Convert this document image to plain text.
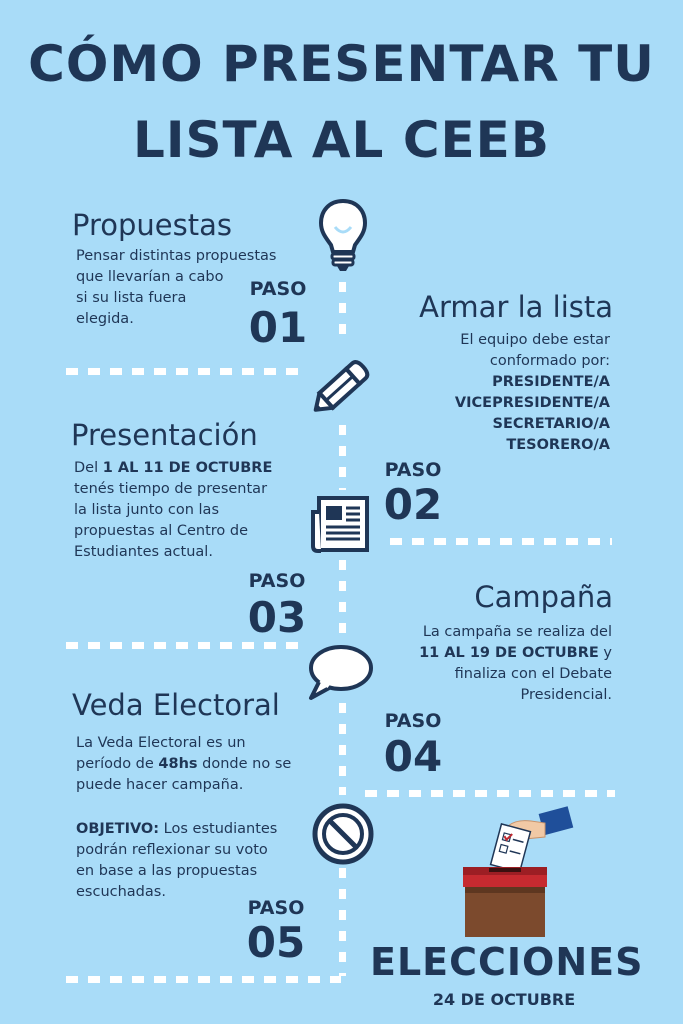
CÓMO PRESENTAR TU
LISTA AL CEEB
Propuestas
Pensar distintas propuestas
que llevarían a cabo
si su lista fuera
elegida.
PASO
01	Armar la lista
El equipo debe estar
conformado por:
PRESIDENTE/A
VICEPRESIDENTE/A
SECRETARIO/A
TESORERO/A
PASO
02
Presentación
Del 1 AL 11 DE OCTUBRE
tenés tiempo de presentar
la lista junto con las
propuestas al Centro de
Estudiantes actual.
PASO
03	Campaña
La campaña se realiza del
11 AL 19 DE OCTUBRE y
finaliza con el Debate
Presidencial.
PASO
04
Veda Electoral
La Veda Electoral es un
período de 48hs donde no se
puede hacer campaña.
OBJETIVO: Los estudiantes
podrán reflexionar su voto
en base a las propuestas
escuchadas.
PASO
05 ELECCIONES
24 DE OCTUBRE
